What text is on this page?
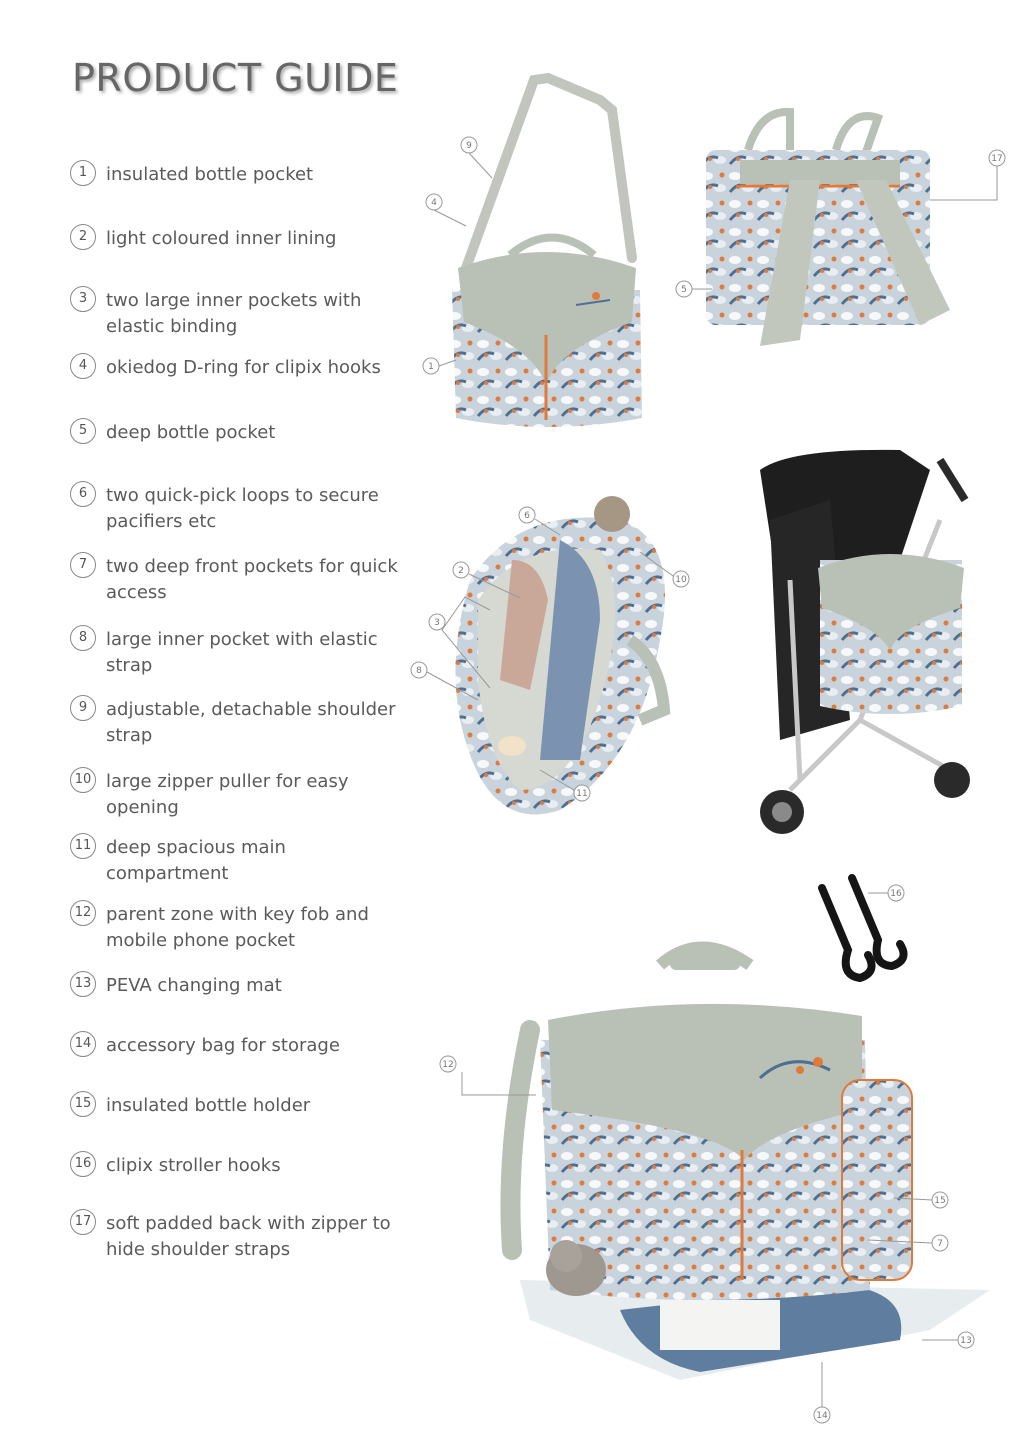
PRODUCT GUIDE
1	insulated bottle pocket
2	light coloured inner lining
3	two large inner pockets with elastic binding
4	okiedog D-ring for clipix hooks
5	deep bottle pocket
6	two quick-pick loops to secure pacifiers etc
7	two deep front pockets for quick access
8	large inner pocket with elastic strap
9	adjustable, detachable shoulder strap
10 large zipper puller for easy opening
11 deep spacious main compartment
12 parent zone with key fob and mobile phone pocket
13 PEVA changing mat
14 accessory bag for storage
15 insulated bottle holder
16 clipix stroller hooks
17 soft padded back with zipper to hide shoulder straps
9
4
1
17
5
6
2
3
8
10
11
16
12
15
7
13
14
